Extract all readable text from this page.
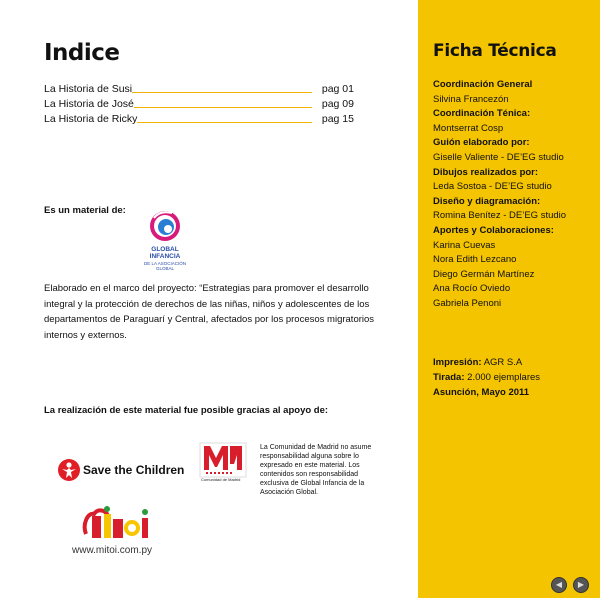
Indice
La Historia de Susi	pag 01
La Historia de José	pag 09
La Historia de Ricky	pag 15
Es un material de:
GLOBAL INFANCIA
DE LA ASOCIACIÓN GLOBAL
Elaborado en el marco del proyecto: “Estrategias para promover el desarrollo integral y la protección de derechos de las niñas, niños y adolescentes de los departamentos de Paraguarí y Central, afectados por los procesos migratorios internos y externos.
La realización de este material fue posible gracias al apoyo de:
Save the Children
Comunidad de Madrid
La Comunidad de Madrid no asume responsabilidad alguna sobre lo expresado en este material. Los contenidos son responsabilidad exclusiva de Global Infancia de la Asociación Global.
www.mitoi.com.py
Ficha Técnica
Coordinación General
Silvina Francezón
Coordinación Ténica:
Montserrat Cosp
Guión elaborado por:
Giselle Valiente - DE’EG studio
Dibujos realizados por:
Leda Sostoa - DE’EG studio
Diseño y diagramación:
Romina Benítez - DE’EG studio
Aportes y Colaboraciones:
Karina Cuevas
Nora Edith Lezcano
Diego Germán Martínez
Ana Rocío Oviedo
Gabriela Penoni
Impresión: AGR S.A
Tirada: 2.000 ejemplares
Asunción, Mayo 2011
◀	▶
